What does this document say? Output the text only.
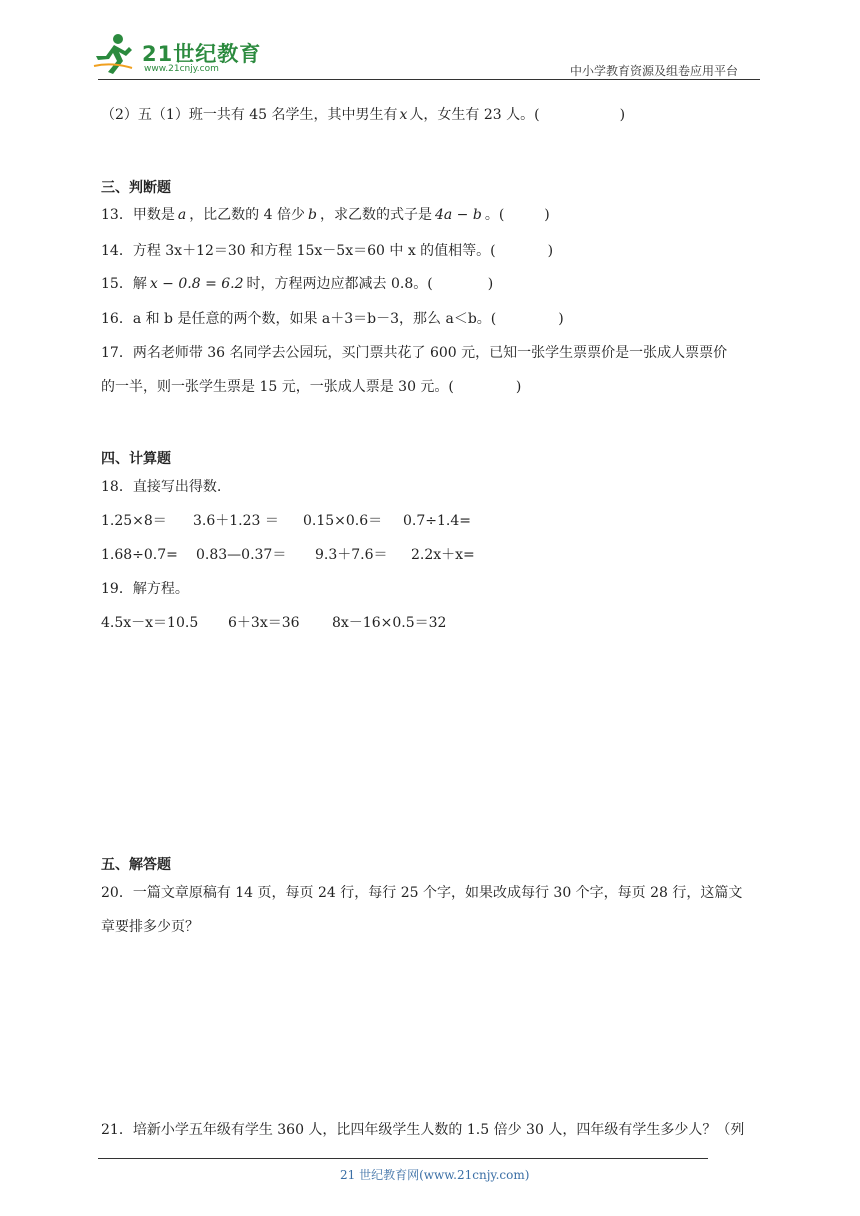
21世纪教育
www.21cnjy.com	中小学教育资源及组卷应用平台
（2）五（1）班一共有 45 名学生，其中男生有 x 人，女生有 23 人。(	)
三、判断题
13．甲数是 a ，比乙数的 4 倍少 b ，求乙数的式子是 4a − b 。(	)
14．方程 3x＋12＝30 和方程 15x－5x＝60 中 x 的值相等。(	)
15．解 x − 0.8 = 6.2 时，方程两边应都减去 0.8。(	)
16．a 和 b 是任意的两个数，如果 a＋3＝b－3，那么 a＜b。(	)
17．两名老师带 36 名同学去公园玩，买门票共花了 600 元，已知一张学生票票价是一张成人票票价
的一半，则一张学生票是 15 元，一张成人票是 30 元。(	)
四、计算题
18．直接写出得数.
1.25×8＝ 3.6＋1.23 ＝ 0.15×0.6＝ 0.7÷1.4=
1.68÷0.7= 0.83—0.37＝ 9.3＋7.6＝ 2.2x＋x=
19．解方程。
4.5x－x＝10.5 6＋3x＝36 8x－16×0.5＝32
五、解答题
20．一篇文章原稿有 14 页，每页 24 行，每行 25 个字，如果改成每行 30 个字，每页 28 行，这篇文
章要排多少页？
21．培新小学五年级有学生 360 人，比四年级学生人数的 1.5 倍少 30 人，四年级有学生多少人？（列
21 世纪教育网(www.21cnjy.com)
